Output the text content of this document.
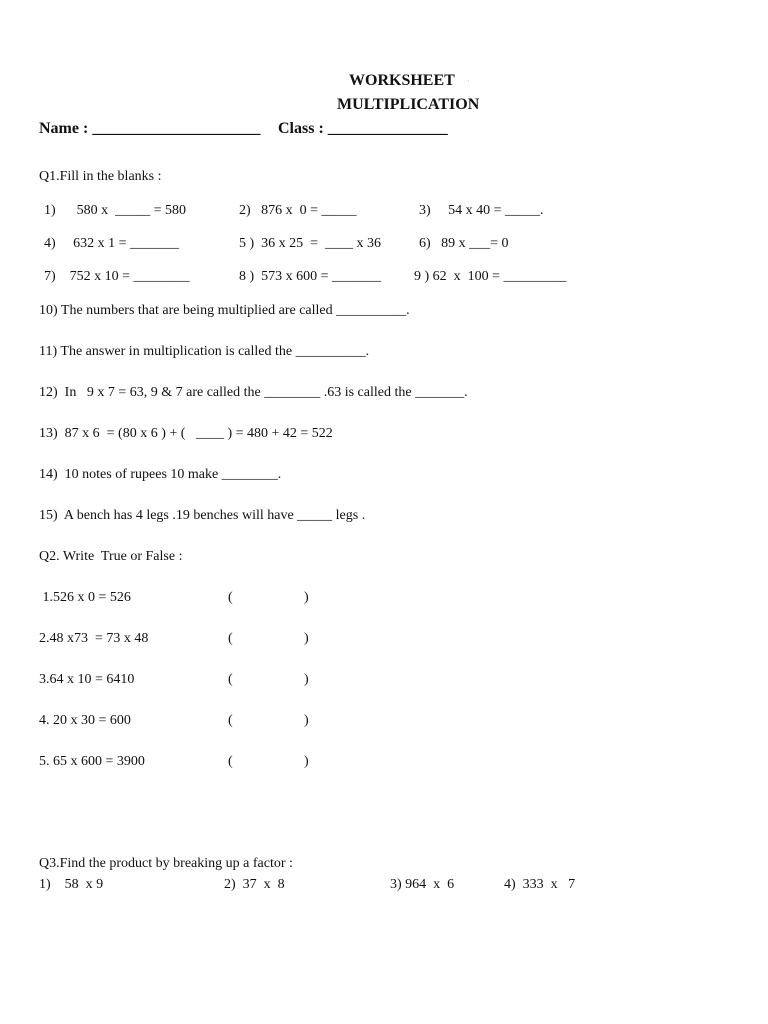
WORKSHEET ·
MULTIPLICATION
Name : _____________________ Class : _______________
Q1.Fill in the blanks :
1)      580 x  _____ = 580	2)   876 x  0 = _____	3)     54 x 40 = _____.
4)     632 x 1 = _______	5 )  36 x 25  =  ____ x 36	6)   89 x ___= 0
7)    752 x 10 = ________	8 )  573 x 600 = _______ 9 ) 62  x  100 = _________
10) The numbers that are being multiplied are called __________.
11) The answer in multiplication is called the __________.
12)  In   9 x 7 = 63, 9 & 7 are called the ________ .63 is called the _______.
13)  87 x 6  = (80 x 6 ) + (   ____ ) = 480 + 42 = 522
14)  10 notes of rupees 10 make ________.
15)  A bench has 4 legs .19 benches will have _____ legs .
Q2. Write  True or False :
1.526 x 0 = 526	(	)
2.48 x73  = 73 x 48	(	)
3.64 x 10 = 6410	(	)
4. 20 x 30 = 600	(	)
5. 65 x 600 = 3900	(	)
Q3.Find the product by breaking up a factor :
1)    58  x 9	2)  37  x  8	3) 964  x  6	4)  333  x   7
